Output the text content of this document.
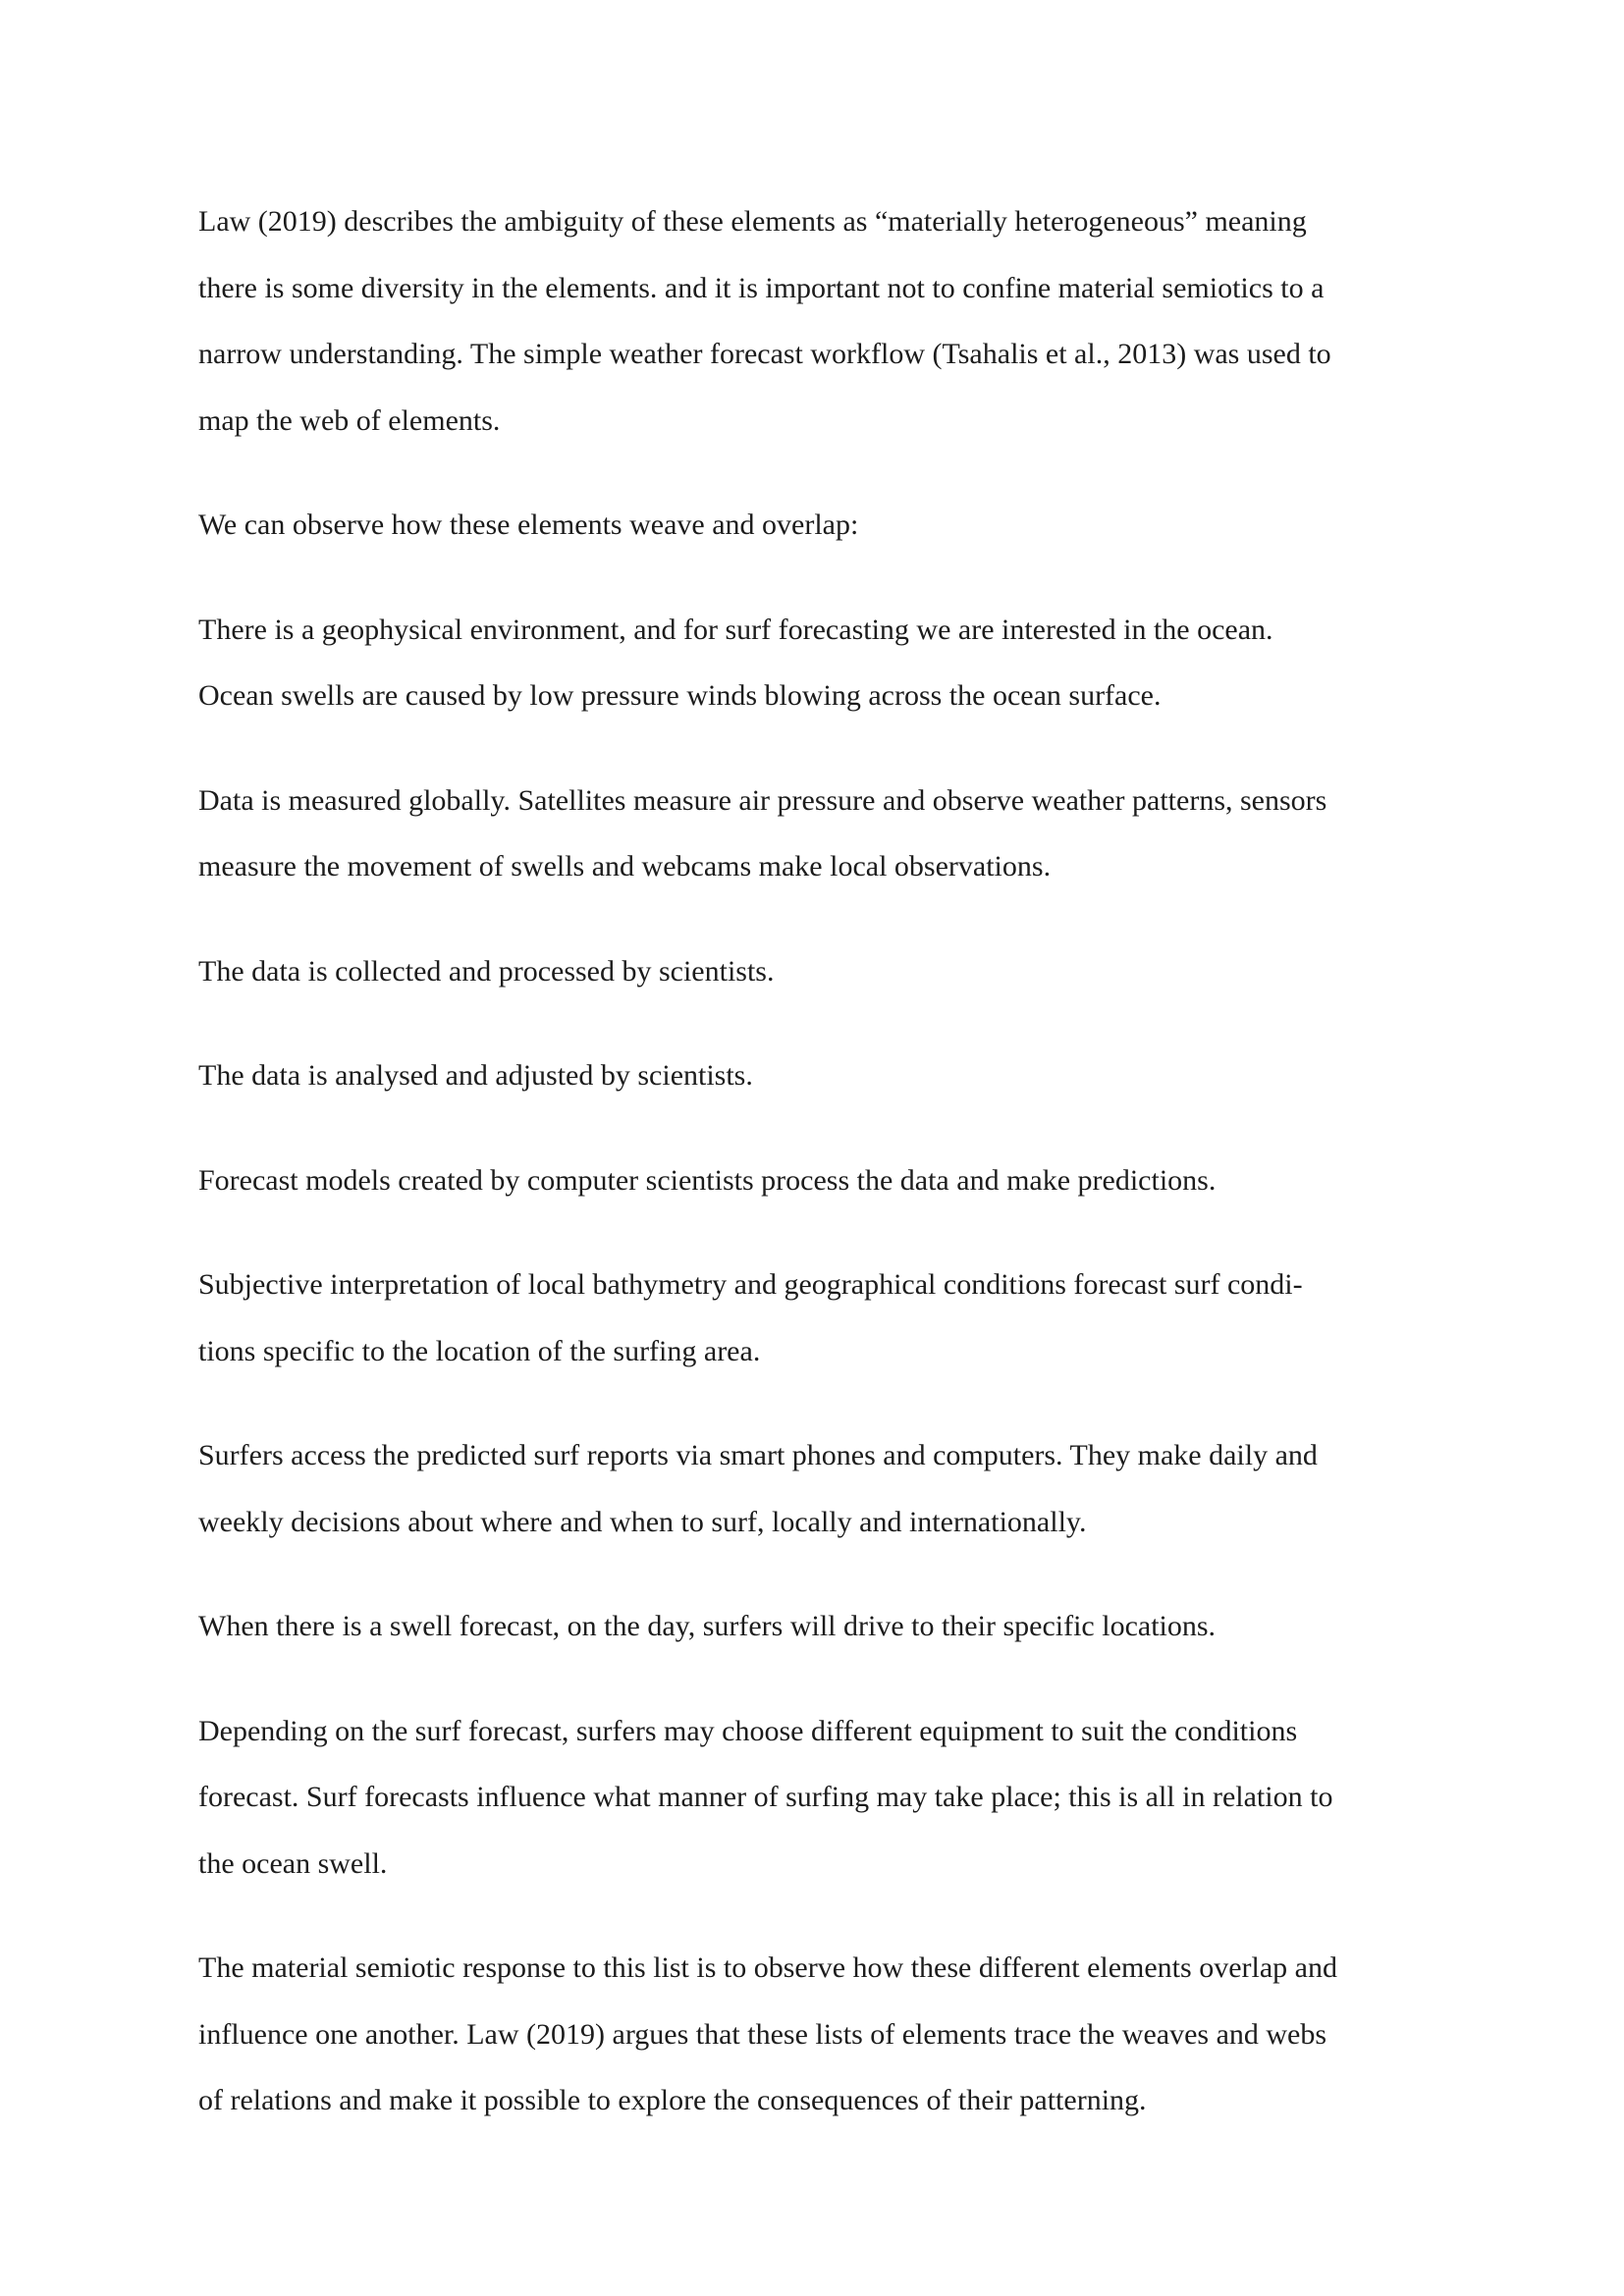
Law (2019) describes the ambiguity of these elements as “materially heterogeneous” meaning
there is some diversity in the elements. and it is important not to confine material semiotics to a
narrow understanding. The simple weather forecast workflow (Tsahalis et al., 2013) was used to
map the web of elements.

We can observe how these elements weave and overlap:

There is a geophysical environment, and for surf forecasting we are interested in the ocean.
Ocean swells are caused by low pressure winds blowing across the ocean surface.

Data is measured globally. Satellites measure air pressure and observe weather patterns, sensors
measure the movement of swells and webcams make local observations.

The data is collected and processed by scientists.

The data is analysed and adjusted by scientists.

Forecast models created by computer scientists process the data and make predictions.

Subjective interpretation of local bathymetry and geographical conditions forecast surf condi-
tions specific to the location of the surfing area.

Surfers access the predicted surf reports via smart phones and computers. They make daily and
weekly decisions about where and when to surf, locally and internationally.

When there is a swell forecast, on the day, surfers will drive to their specific locations.

Depending on the surf forecast, surfers may choose different equipment to suit the conditions
forecast. Surf forecasts influence what manner of surfing may take place; this is all in relation to
the ocean swell.

The material semiotic response to this list is to observe how these different elements overlap and
influence one another. Law (2019) argues that these lists of elements trace the weaves and webs
of relations and make it possible to explore the consequences of their patterning.
